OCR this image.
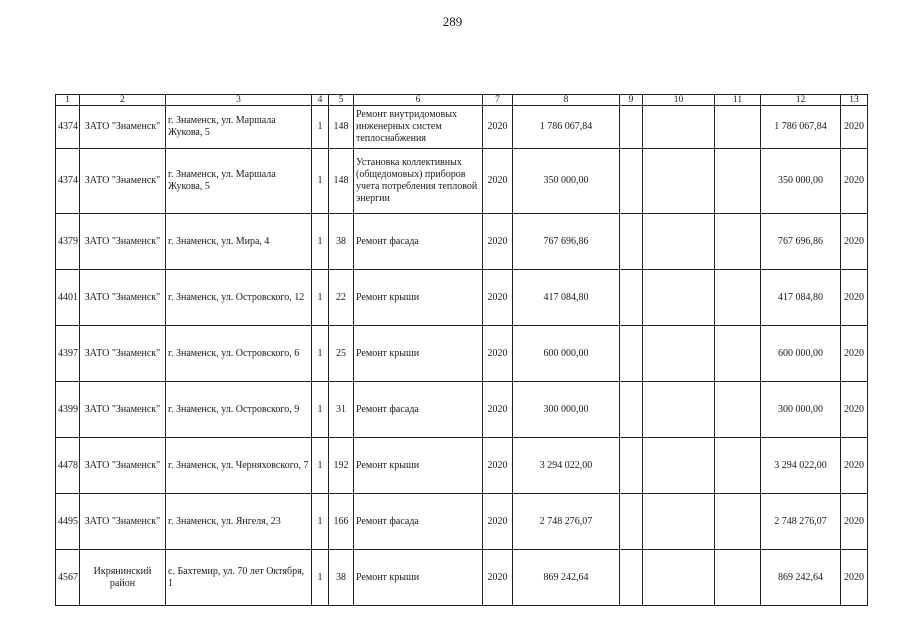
289
1	2	3	4	5	6	7	8	9	10	11	12	13
4374	ЗАТО "Знаменск"	г. Знаменск, ул. Маршала Жукова, 5	1	148	Ремонт внутридомовых инженерных систем теплоснабжения	2020	1 786 067,84				1 786 067,84	2020
4374	ЗАТО "Знаменск"	г. Знаменск, ул. Маршала Жукова, 5	1	148	Установка коллективных (общедомовых) приборов учета потребления тепловой энергии	2020	350 000,00				350 000,00	2020
4379	ЗАТО "Знаменск"	г. Знаменск, ул. Мира, 4	1	38	Ремонт фасада	2020	767 696,86				767 696,86	2020
4401	ЗАТО "Знаменск"	г. Знаменск, ул. Островского, 12	1	22	Ремонт крыши	2020	417 084,80				417 084,80	2020
4397	ЗАТО "Знаменск"	г. Знаменск, ул. Островского, 6	1	25	Ремонт крыши	2020	600 000,00				600 000,00	2020
4399	ЗАТО "Знаменск"	г. Знаменск, ул. Островского, 9	1	31	Ремонт фасада	2020	300 000,00				300 000,00	2020
4478	ЗАТО "Знаменск"	г. Знаменск, ул. Черняховского, 7	1	192	Ремонт крыши	2020	3 294 022,00				3 294 022,00	2020
4495	ЗАТО "Знаменск"	г. Знаменск, ул. Янгеля, 23	1	166	Ремонт фасада	2020	2 748 276,07				2 748 276,07	2020
4567	Икрянинский район	с. Бахтемир, ул. 70 лет Октября, 1	1	38	Ремонт крыши	2020	869 242,64				869 242,64	2020
